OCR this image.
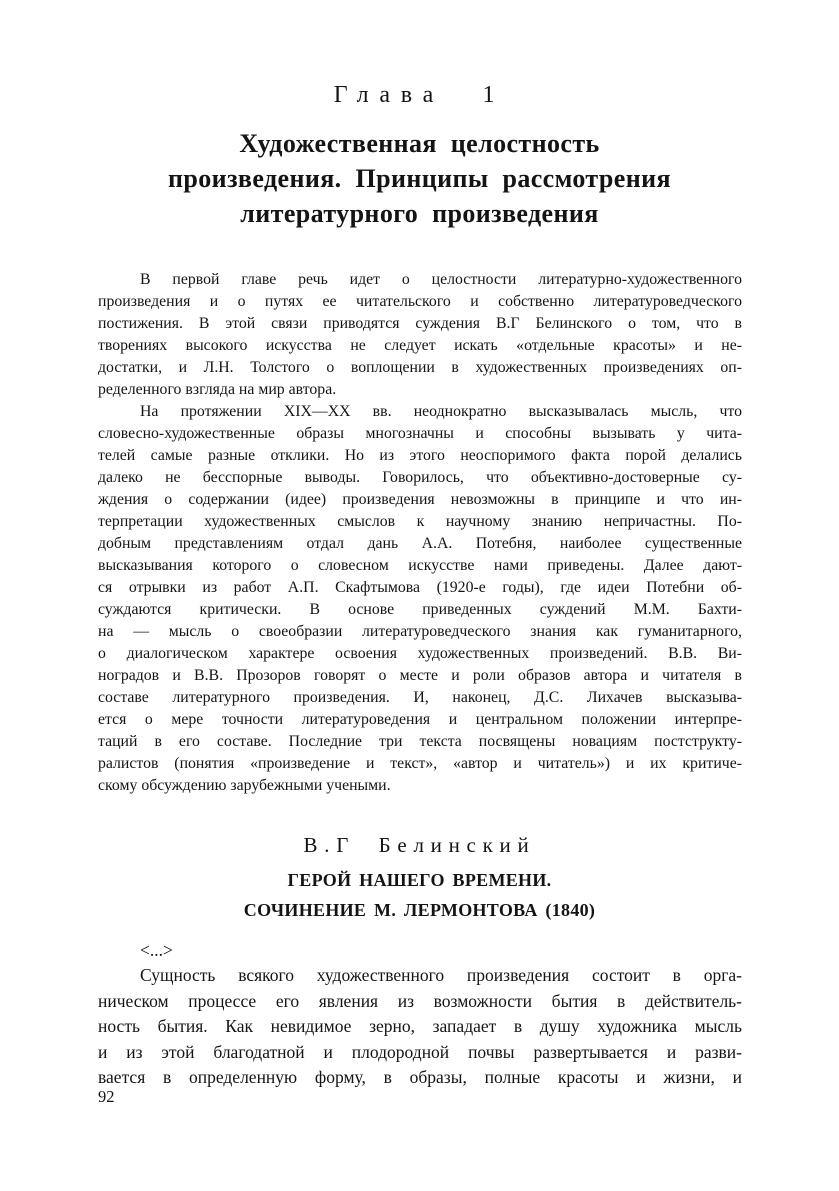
Глава 1
Художественная целостность
произведения. Принципы рассмотрения
литературного произведения
В первой главе речь идет о целостности литературно-художественного
произведения и о путях ее читательского и собственно литературоведческого
постижения. В этой связи приводятся суждения В.Г Белинского о том, что в
творениях высокого искусства не следует искать «отдельные красоты» и не-
достатки, и Л.Н. Толстого о воплощении в художественных произведениях оп-
ределенного взгляда на мир автора.
На протяжении XIX—XX вв. неоднократно высказывалась мысль, что
словесно-художественные образы многозначны и способны вызывать у чита-
телей самые разные отклики. Но из этого неоспоримого факта порой делались
далеко не бесспорные выводы. Говорилось, что объективно-достоверные су-
ждения о содержании (идее) произведения невозможны в принципе и что ин-
терпретации художественных смыслов к научному знанию непричастны. По-
добным представлениям отдал дань А.А. Потебня, наиболее существенные
высказывания которого о словесном искусстве нами приведены. Далее дают-
ся отрывки из работ А.П. Скафтымова (1920-е годы), где идеи Потебни об-
суждаются критически. В основе приведенных суждений М.М. Бахти-
на — мысль о своеобразии литературоведческого знания как гуманитарного,
о диалогическом характере освоения художественных произведений. В.В. Ви-
ноградов и В.В. Прозоров говорят о месте и роли образов автора и читателя в
составе литературного произведения. И, наконец, Д.С. Лихачев высказыва-
ется о мере точности литературоведения и центральном положении интерпре-
таций в его составе. Последние три текста посвящены новациям постструкту-
ралистов (понятия «произведение и текст», «автор и читатель») и их критиче-
скому обсуждению зарубежными учеными.
В.Г Белинский
ГЕРОЙ НАШЕГО ВРЕМЕНИ.
СОЧИНЕНИЕ М. ЛЕРМОНТОВА (1840)
<...>
Сущность всякого художественного произведения состоит в орга-
ническом процессе его явления из возможности бытия в действитель-
ность бытия. Как невидимое зерно, западает в душу художника мысль
и из этой благодатной и плодородной почвы развертывается и разви-
вается в определенную форму, в образы, полные красоты и жизни, и
92
